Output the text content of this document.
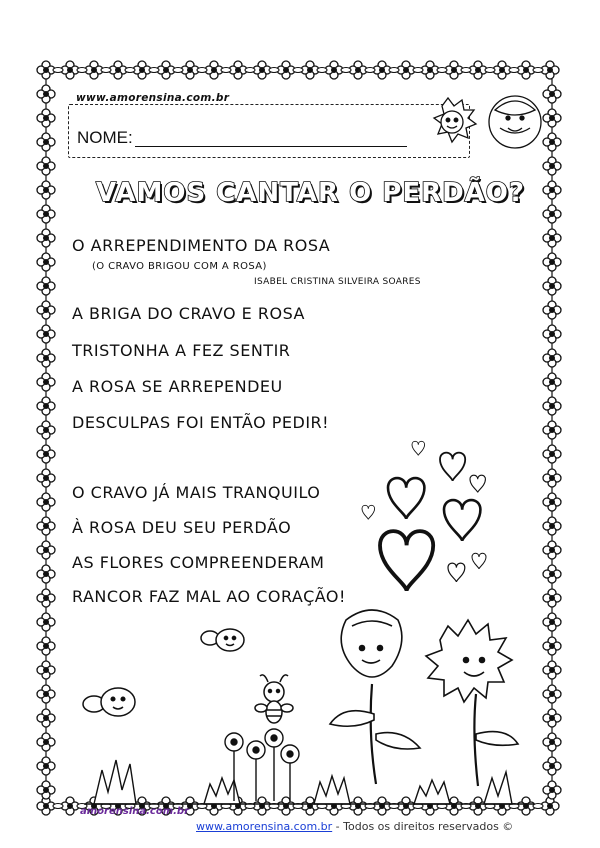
www.amorensina.com.br
NOME:
VAMOS CANTAR O PERDÃO?
O ARREPENDIMENTO DA ROSA
(O CRAVO BRIGOU COM A ROSA)
ISABEL CRISTINA SILVEIRA SOARES
A BRIGA DO CRAVO E ROSA
TRISTONHA A FEZ SENTIR
A ROSA SE ARREPENDEU
DESCULPAS FOI ENTÃO PEDIR!
O CRAVO JÁ MAIS TRANQUILO
À ROSA DEU SEU PERDÃO
AS FLORES COMPREENDERAM
RANCOR FAZ MAL AO CORAÇÃO!
amorensina.com.br
www.amorensina.com.br - Todos os direitos reservados ©
